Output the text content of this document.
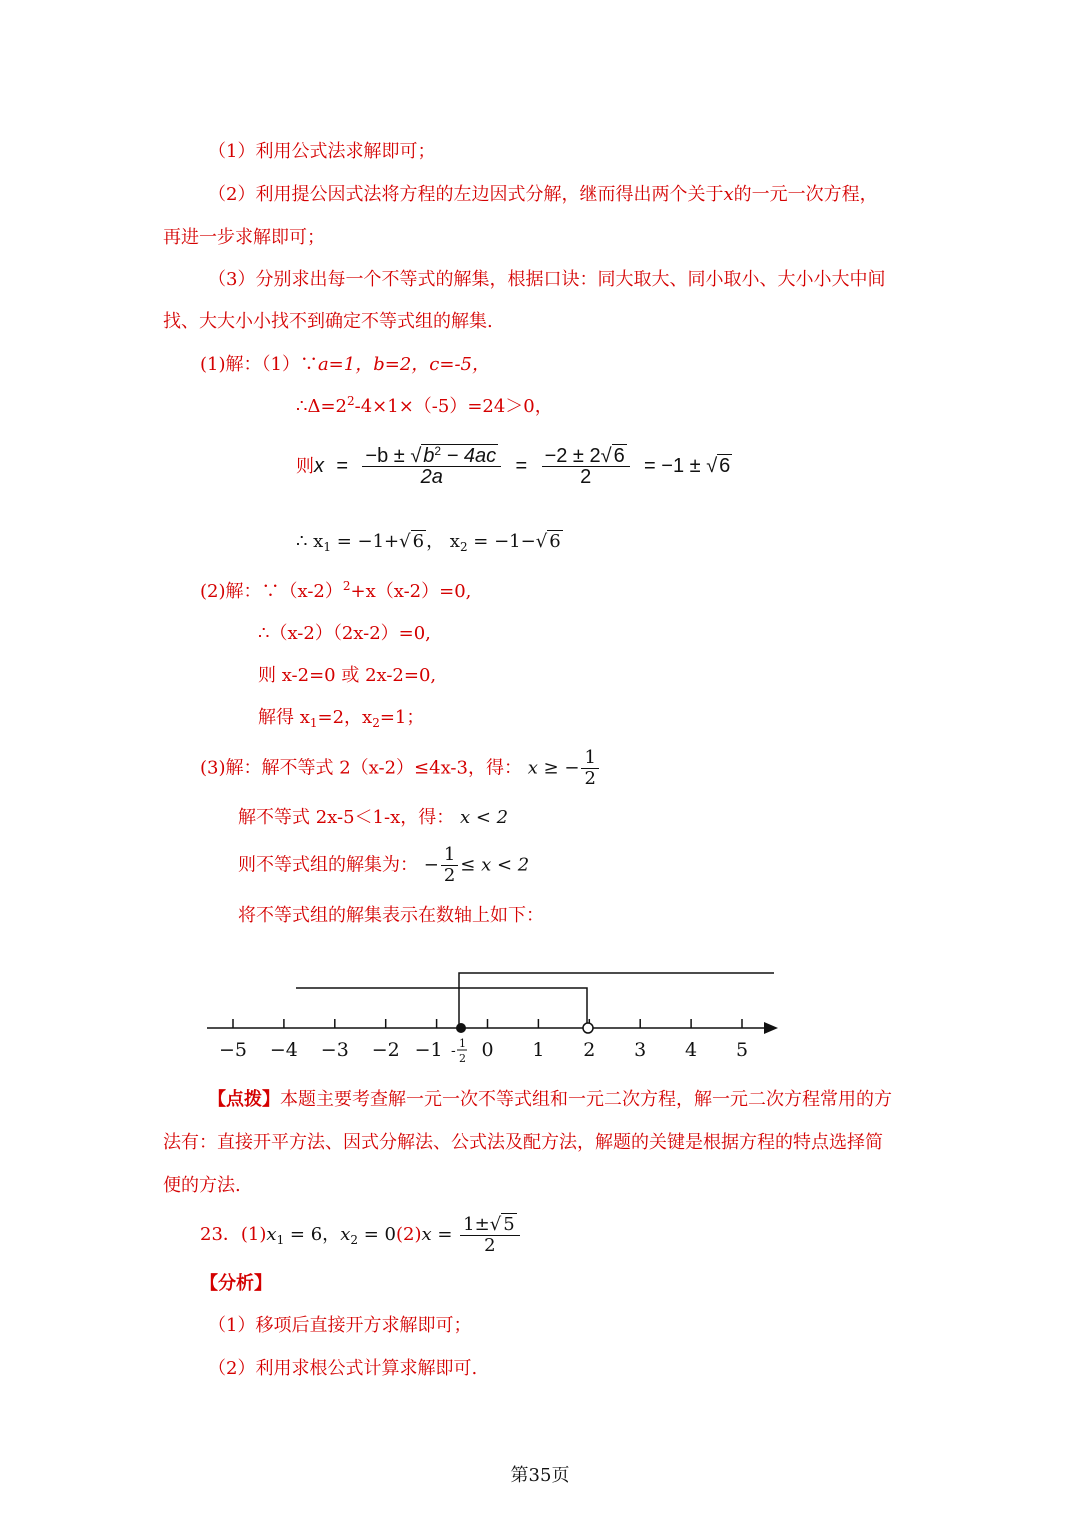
（1）利用公式法求解即可；
（2）利用提公因式法将方程的左边因式分解，继而得出两个关于x的一元一次方程，
再进一步求解即可；
（3）分别求出每一个不等式的解集，根据口诀：同大取大、同小取小、大小小大中间
找、大大小小找不到确定不等式组的解集.
(1)解：（1）∵a=1，b=2，c=-5，
$\therefore\Delta=2^2-4\times 1\times(-5)=24>0$，
则$x = \frac{-b \pm √ b^2 - 4ac}{2a} = \frac{-2 \pm 2√ 6}{2} = -1$ ± √ 6
∴ $x_1 = -1+√$ 6 ， $x_2 = -1-√$ 6
(2)解：$\because(x-2)^2+x(x-2)=0$,
∴（x-2）（2x-2）=0,
则 x-2=0 或 2x-2=0,
解得 $x_1=2$，$x_2=1$；
(3)解：解不等式 2（x-2）≤4x-3，得： x ≥ − $\frac{1}{2}$
解不等式 2x-5＜1-x，得： x < 2
则不等式组的解集为： − $\frac{1}{2} \le x < 2$
将不等式组的解集表示在数轴上如下：
−5 −4 −3 −2 −1 0 1 2 3 4 5
- 1
2
【点拨】本题主要考查解一元一次不等式组和一元二次方程，解一元二次方程常用的方
法有：直接开平方法、因式分解法、公式法及配方法，解题的关键是根据方程的特点选择简
便的方法.
23．$(1)x_1 = 6$，$x_2 = 0(2)x = \frac{1\pm√ 5}{2}$
【分析】
（1）移项后直接开方求解即可；
（2）利用求根公式计算求解即可.
第35页
